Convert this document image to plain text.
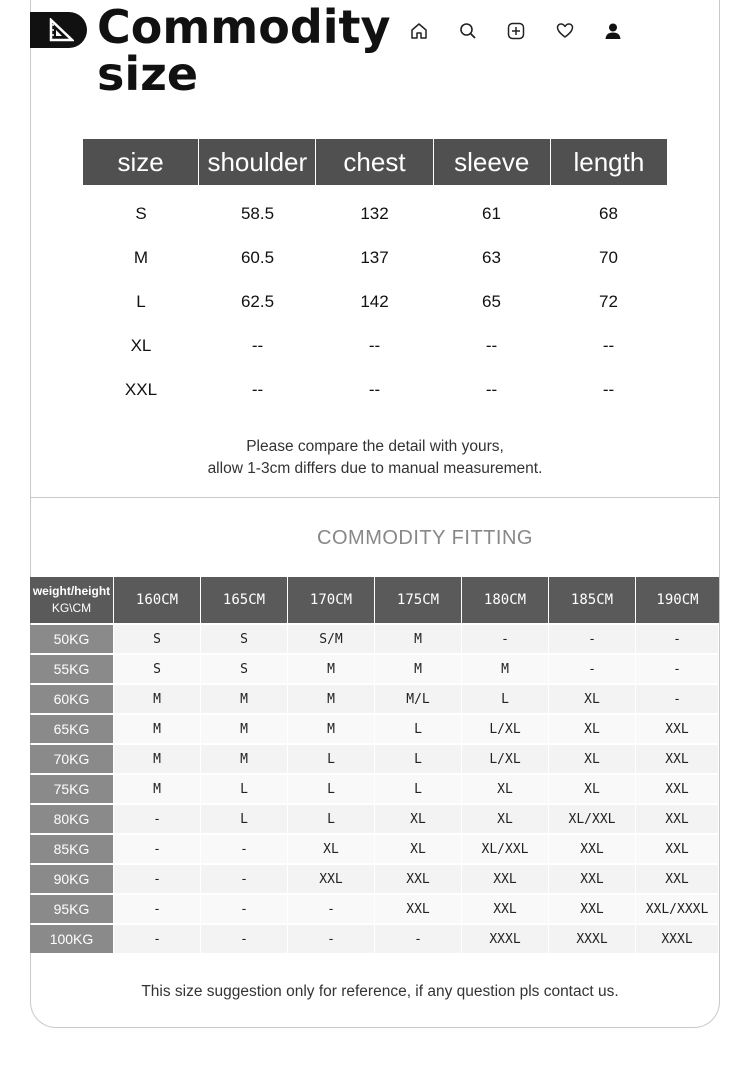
Commodity
size
size	shoulder	chest	sleeve	length
S	58.5	132	61	68
M	60.5	137	63	70
L	62.5	142	65	72
XL	--	--	--	--
XXL	--	--	--	--
Please compare the detail with yours,
allow 1-3cm differs due to manual measurement.
COMMODITY FITTING
weight/height
KG\CM	160CM	165CM	170CM	175CM	180CM	185CM	190CM
50KG	S	S	S/M	M	-	-	-
55KG	S	S	M	M	M	-	-
60KG	M	M	M	M/L	L	XL	-
65KG	M	M	M	L	L/XL	XL	XXL
70KG	M	M	L	L	L/XL	XL	XXL
75KG	M	L	L	L	XL	XL	XXL
80KG	-	L	L	XL	XL	XL/XXL	XXL
85KG	-	-	XL	XL	XL/XXL	XXL	XXL
90KG	-	-	XXL	XXL	XXL	XXL	XXL
95KG	-	-	-	XXL	XXL	XXL	XXL/XXXL
100KG	-	-	-	-	XXXL	XXXL	XXXL
This size suggestion only for reference, if any question pls contact us.
